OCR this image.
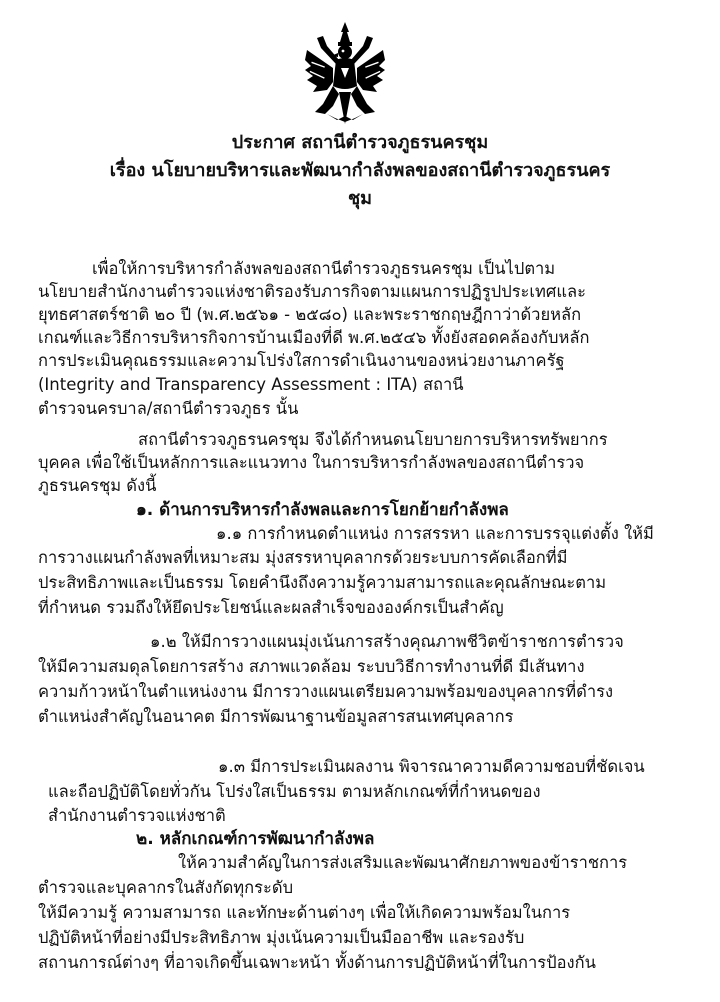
ประกาศ สถานีตำรวจภูธรนครชุม
เรื่อง นโยบายบริหารและพัฒนากำลังพลของสถานีตำรวจภูธรนคร
ชุม

เพื่อให้การบริหารกำลังพลของสถานีตำรวจภูธรนครชุม เป็นไปตาม

นโยบายสำนักงานตำรวจแห่งชาติรองรับภารกิจตามแผนการปฏิรูปประเทศและ

ยุทธศาสตร์ชาติ ๒๐ ปี (พ.ศ.๒๕๖๑ - ๒๕๘๐) และพระราชกฤษฎีกาว่าด้วยหลัก

เกณฑ์และวิธีการบริหารกิจการบ้านเมืองที่ดี พ.ศ.๒๕๔๖ ทั้งยังสอดคล้องกับหลัก

การประเมินคุณธรรมและความโปร่งใสการดำเนินงานของหน่วยงานภาครัฐ

(Integrity and Transparency Assessment : ITA) สถานี

ตำรวจนครบาล/สถานีตำรวจภูธร นั้น

สถานีตำรวจภูธรนครชุม จึงได้กำหนดนโยบายการบริหารทรัพยากร

บุคคล เพื่อใช้เป็นหลักการและแนวทาง ในการบริหารกำลังพลของสถานีตำรวจ

ภูธรนครชุม ดังนี้

๑. ด้านการบริหารกำลังพลและการโยกย้ายกำลังพล

๑.๑ การกำหนดตำแหน่ง การสรรหา และการบรรจุแต่งตั้ง ให้มี

การวางแผนกำลังพลที่เหมาะสม มุ่งสรรหาบุคลากรด้วยระบบการคัดเลือกที่มี

ประสิทธิภาพและเป็นธรรม โดยคำนึงถึงความรู้ความสามารถและคุณลักษณะตาม

ที่กำหนด รวมถึงให้ยึดประโยชน์และผลสำเร็จขององค์กรเป็นสำคัญ

๑.๒ ให้มีการวางแผนมุ่งเน้นการสร้างคุณภาพชีวิตข้าราชการตำรวจ

ให้มีความสมดุลโดยการสร้าง สภาพแวดล้อม ระบบวิธีการทำงานที่ดี มีเส้นทาง

ความก้าวหน้าในตำแหน่งงาน มีการวางแผนเตรียมความพร้อมของบุคลากรที่ดำรง

ตำแหน่งสำคัญในอนาคต มีการพัฒนาฐานข้อมูลสารสนเทศบุคลากร

๑.๓ มีการประเมินผลงาน พิจารณาความดีความชอบที่ชัดเจน

และถือปฏิบัติโดยทั่วกัน โปร่งใสเป็นธรรม ตามหลักเกณฑ์ที่กำหนดของ

สำนักงานตำรวจแห่งชาติ

๒. หลักเกณฑ์การพัฒนากำลังพล

ให้ความสำคัญในการส่งเสริมและพัฒนาศักยภาพของข้าราชการ

ตำรวจและบุคลากรในสังกัดทุกระดับ

ให้มีความรู้ ความสามารถ และทักษะด้านต่างๆ เพื่อให้เกิดความพร้อมในการ

ปฏิบัติหน้าที่อย่างมีประสิทธิภาพ มุ่งเน้นความเป็นมืออาชีพ และรองรับ

สถานการณ์ต่างๆ ที่อาจเกิดขึ้นเฉพาะหน้า ทั้งด้านการปฏิบัติหน้าที่ในการป้องกัน
